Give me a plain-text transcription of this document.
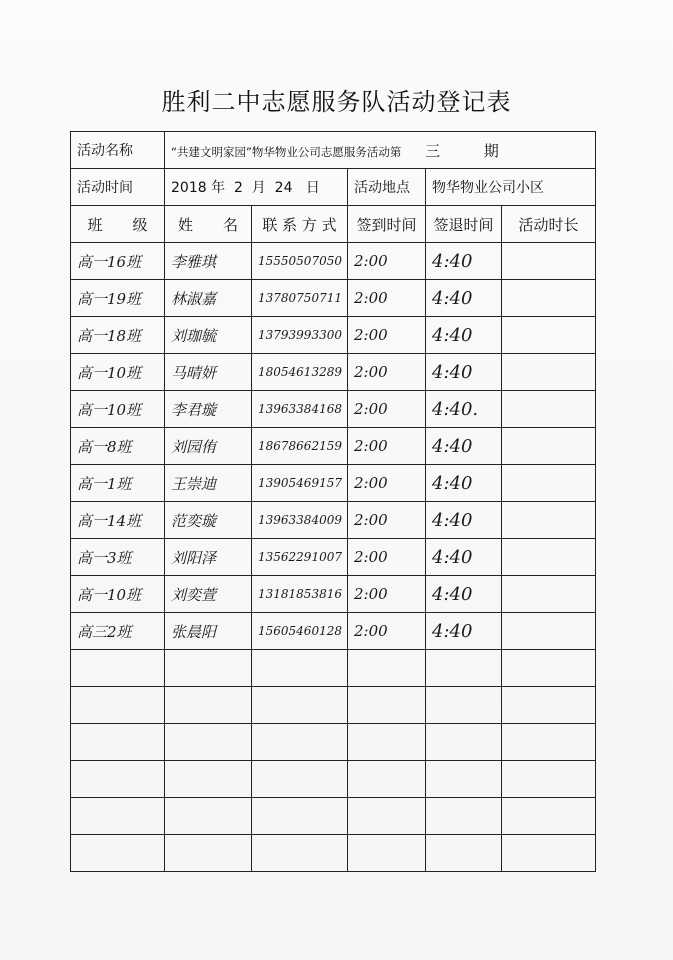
胜利二中志愿服务队活动登记表
活动名称	“共建文明家园”物华物业公司志愿服务活动第 三 期				
活动时间	2018 年  2  月  24   日		活动地点	物华物业公司小区	
班　　级	姓　　名	联 系 方 式	签到时间	签退时间	活动时长
高一16班	李雅琪	15550507050	2:00	4:40	
高一19班	林淑嘉	13780750711	2:00	4:40	
高一18班	刘珈毓	13793993300	2:00	4:40	
高一10班	马晴妍	18054613289	2:00	4:40	
高一10班	李君璇	13963384168	2:00	4:40.	
高一8班	刘园侑	18678662159	2:00	4:40	
高一1班	王崇迪	13905469157	2:00	4:40	
高一14班	范奕璇	13963384009	2:00	4:40	
高一3班	刘阳泽	13562291007	2:00	4:40	
高一10班	刘奕萱	13181853816	2:00	4:40	
高三2班	张晨阳	15605460128	2:00	4:40	
